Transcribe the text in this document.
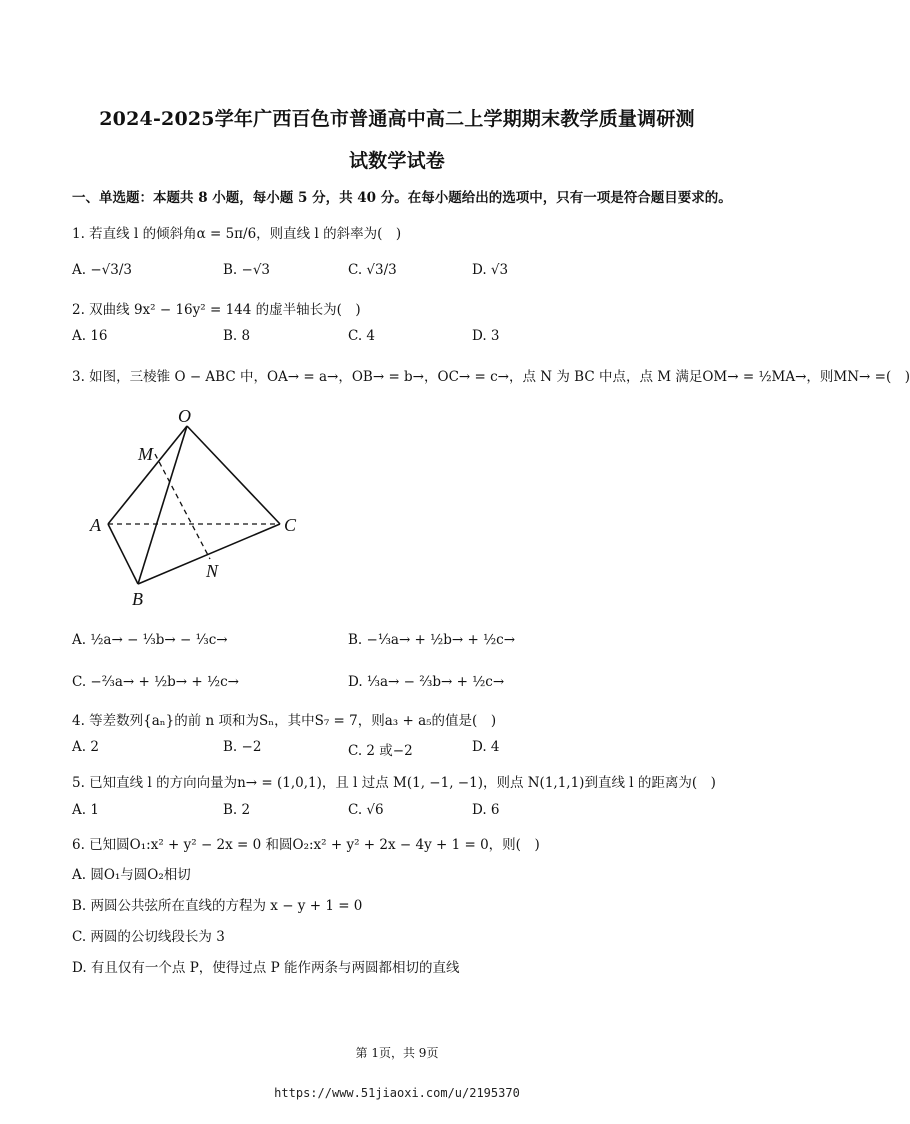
2024-2025学年广西百色市普通高中高二上学期期末教学质量调研测
试数学试卷
一、单选题：本题共 8 小题，每小题 5 分，共 40 分。在每小题给出的选项中，只有一项是符合题目要求的。
1. 若直线 l 的倾斜角α = 5π/6，则直线 l 的斜率为(　)
A. −√3/3	B. −√3	C. √3/3	D. √3
2. 双曲线 9x² − 16y² = 144 的虚半轴长为(　)
A. 16	B. 8	C. 4	D. 3
3. 如图，三棱锥 O − ABC 中，OA→ = a→，OB→ = b→，OC→ = c→，点 N 为 BC 中点，点 M 满足OM→ = ½MA→，则MN→ =(　)
O
M
A	C
N
B
A. ½a→ − ⅓b→ − ⅓c→	B. −⅓a→ + ½b→ + ½c→
C. −⅔a→ + ½b→ + ½c→	D. ⅓a→ − ⅔b→ + ½c→
4. 等差数列{aₙ}的前 n 项和为Sₙ，其中S₇ = 7，则a₃ + a₅的值是(　)
A. 2	B. −2	C. 2 或−2	D. 4
5. 已知直线 l 的方向向量为n→ = (1,0,1)，且 l 过点 M(1, −1, −1)，则点 N(1,1,1)到直线 l 的距离为(　)
A. 1	B. 2	C. √6	D. 6
6. 已知圆O₁:x² + y² − 2x = 0 和圆O₂:x² + y² + 2x − 4y + 1 = 0，则(　)
A. 圆O₁与圆O₂相切
B. 两圆公共弦所在直线的方程为 x − y + 1 = 0
C. 两圆的公切线段长为 3
D. 有且仅有一个点 P，使得过点 P 能作两条与两圆都相切的直线
第 1页，共 9页
https://www.51jiaoxi.com/u/2195370
